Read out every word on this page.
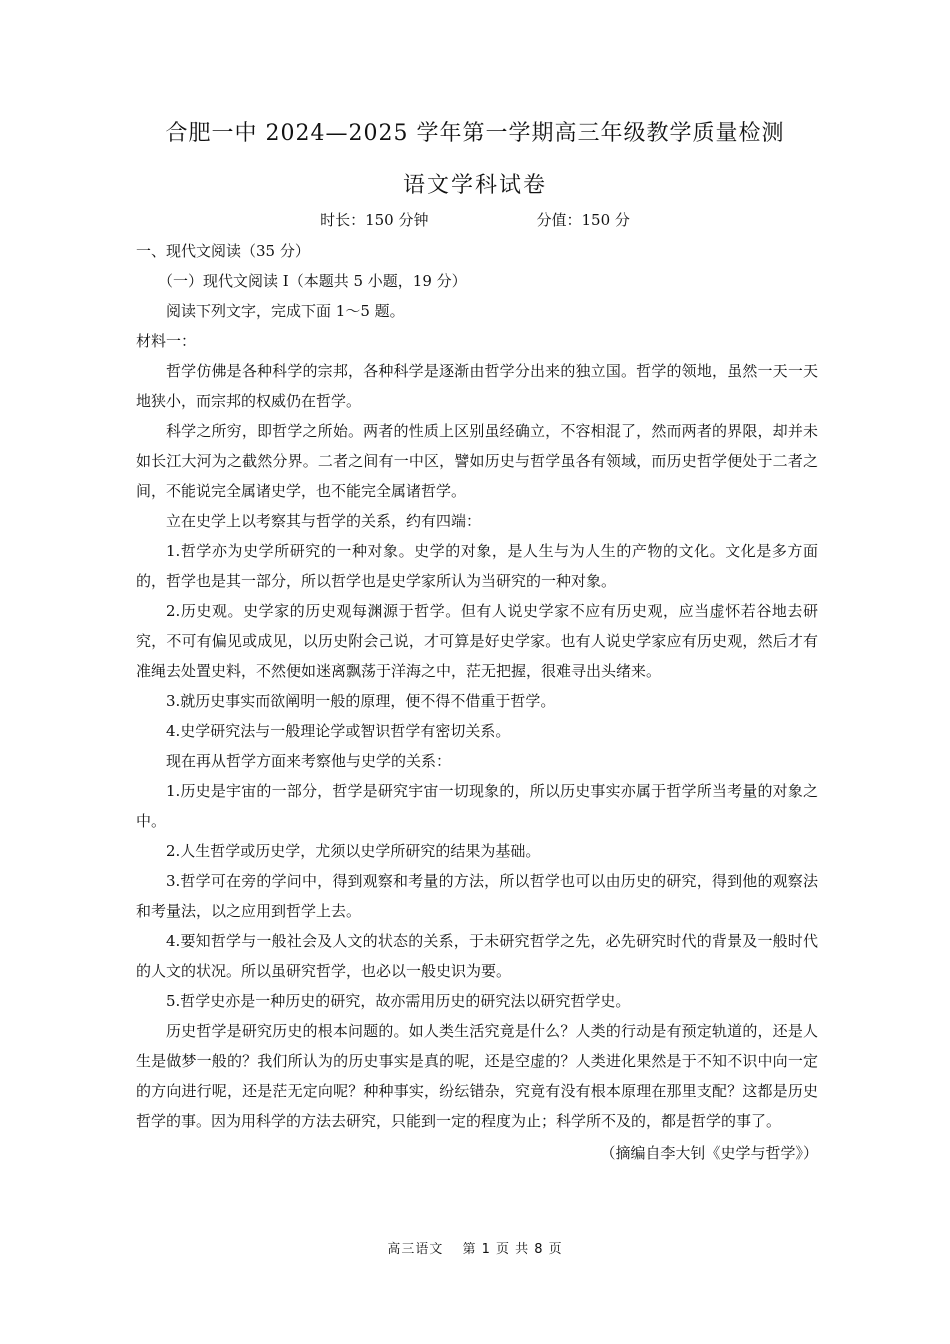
合肥一中 2024—2025 学年第一学期高三年级教学质量检测
语文学科试卷
时长：150 分钟	分值：150 分

一、现代文阅读（35 分）

（一）现代文阅读 Ⅰ（本题共 5 小题，19 分）

阅读下列文字，完成下面 1～5 题。

材料一：

哲学仿佛是各种科学的宗邦，各种科学是逐渐由哲学分出来的独立国。哲学的领地，虽然一天一天地狭小，而宗邦的权威仍在哲学。

科学之所穷，即哲学之所始。两者的性质上区别虽经确立，不容相混了，然而两者的界限，却并未如长江大河为之截然分界。二者之间有一中区，譬如历史与哲学虽各有领域，而历史哲学便处于二者之间，不能说完全属诸史学，也不能完全属诸哲学。

立在史学上以考察其与哲学的关系，约有四端：

1.哲学亦为史学所研究的一种对象。史学的对象，是人生与为人生的产物的文化。文化是多方面的，哲学也是其一部分，所以哲学也是史学家所认为当研究的一种对象。

2.历史观。史学家的历史观每渊源于哲学。但有人说史学家不应有历史观，应当虚怀若谷地去研究，不可有偏见或成见，以历史附会己说，才可算是好史学家。也有人说史学家应有历史观，然后才有准绳去处置史料，不然便如迷离飘荡于洋海之中，茫无把握，很难寻出头绪来。

3.就历史事实而欲阐明一般的原理，便不得不借重于哲学。

4.史学研究法与一般理论学或智识哲学有密切关系。

现在再从哲学方面来考察他与史学的关系：

1.历史是宇宙的一部分，哲学是研究宇宙一切现象的，所以历史事实亦属于哲学所当考量的对象之中。

2.人生哲学或历史学，尤须以史学所研究的结果为基础。

3.哲学可在旁的学问中，得到观察和考量的方法，所以哲学也可以由历史的研究，得到他的观察法和考量法，以之应用到哲学上去。

4.要知哲学与一般社会及人文的状态的关系，于未研究哲学之先，必先研究时代的背景及一般时代的人文的状况。所以虽研究哲学，也必以一般史识为要。

5.哲学史亦是一种历史的研究，故亦需用历史的研究法以研究哲学史。

历史哲学是研究历史的根本问题的。如人类生活究竟是什么？人类的行动是有预定轨道的，还是人生是做梦一般的？我们所认为的历史事实是真的呢，还是空虚的？人类进化果然是于不知不识中向一定的方向进行呢，还是茫无定向呢？种种事实，纷纭错杂，究竟有没有根本原理在那里支配？这都是历史哲学的事。因为用科学的方法去研究，只能到一定的程度为止；科学所不及的，都是哲学的事了。

（摘编自李大钊《史学与哲学》）

高三语文　 第 1 页 共 8 页
